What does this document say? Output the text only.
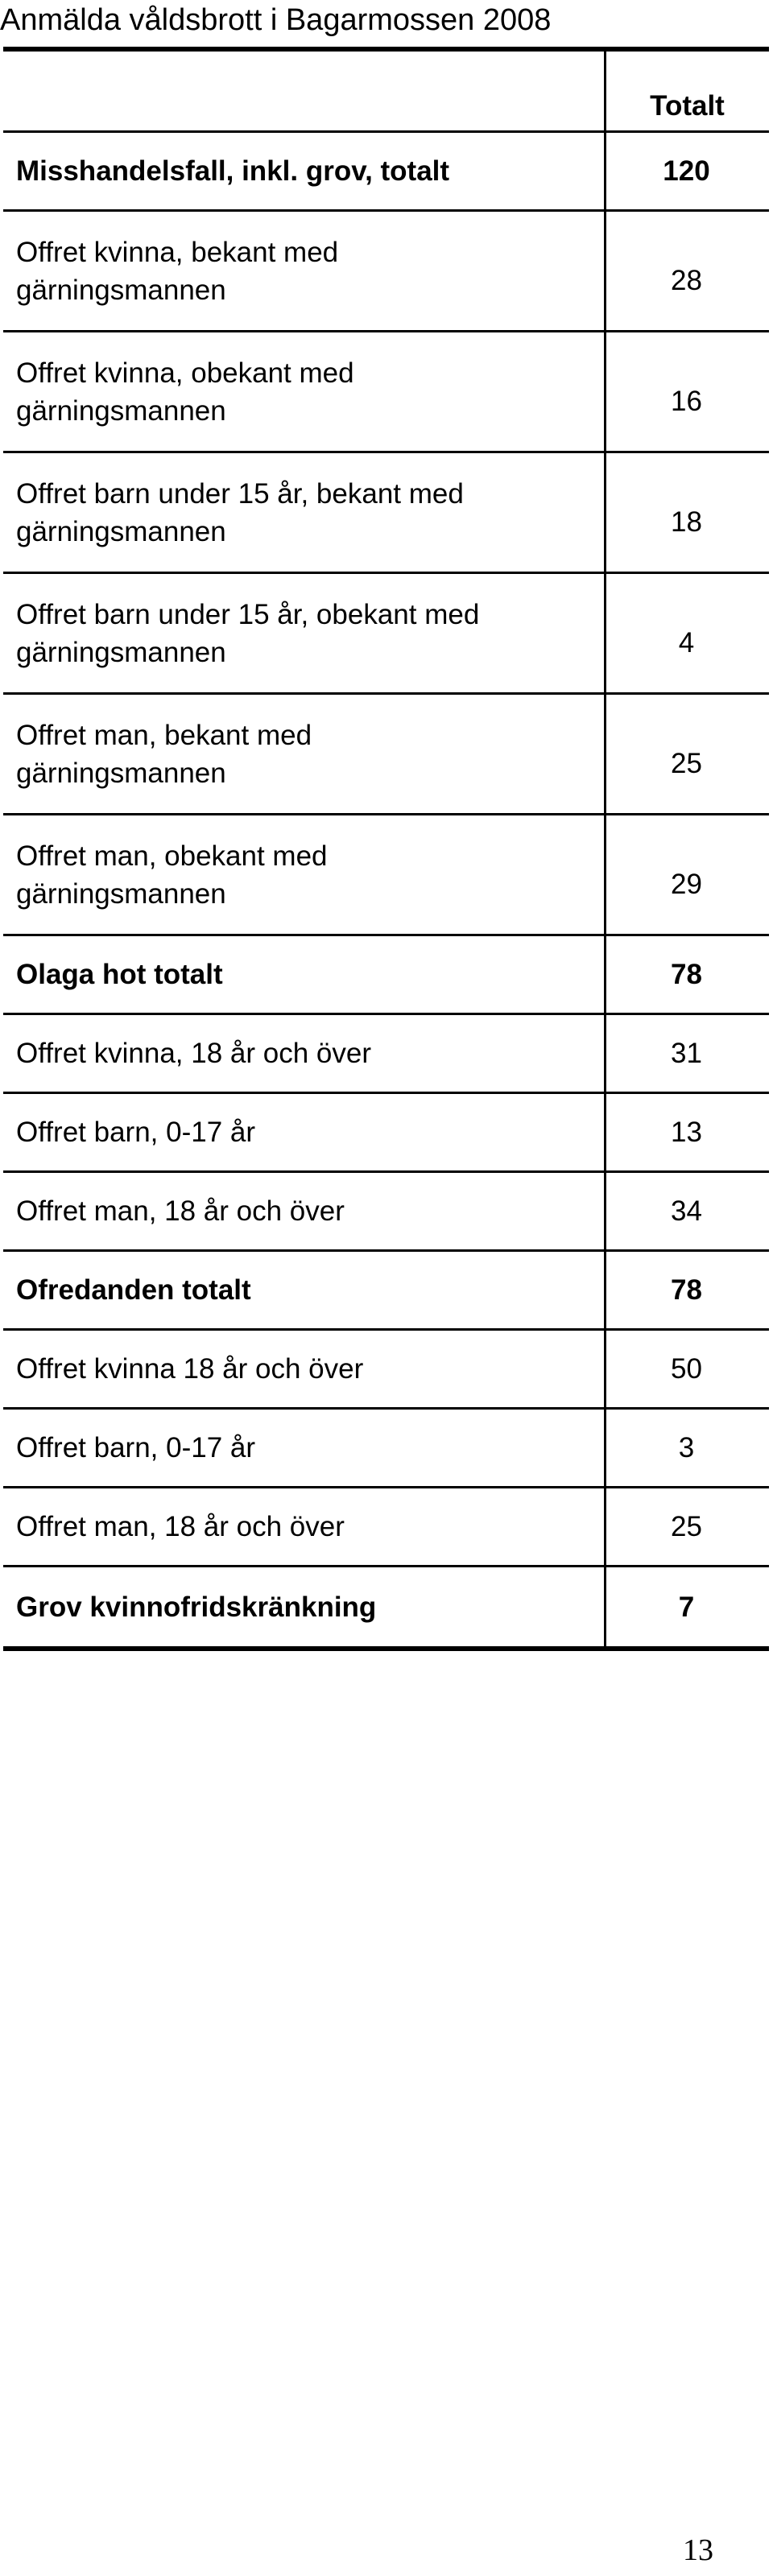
Anmälda våldsbrott i Bagarmossen 2008
Totalt
Misshandelsfall, inkl. grov, totalt	120
Offret kvinna, bekant med
gärningsmannen	28
Offret kvinna, obekant med
gärningsmannen	16
Offret barn under 15 år, bekant med
gärningsmannen	18
Offret barn under 15 år, obekant med
gärningsmannen	4
Offret man, bekant med
gärningsmannen	25
Offret man, obekant med
gärningsmannen	29
Olaga hot totalt	78
Offret kvinna, 18 år och över	31
Offret barn, 0-17 år	13
Offret man, 18 år och över	34
Ofredanden totalt	78
Offret kvinna 18 år och över	50
Offret barn, 0-17 år	3
Offret man, 18 år och över	25
Grov kvinnofridskränkning	7
13
